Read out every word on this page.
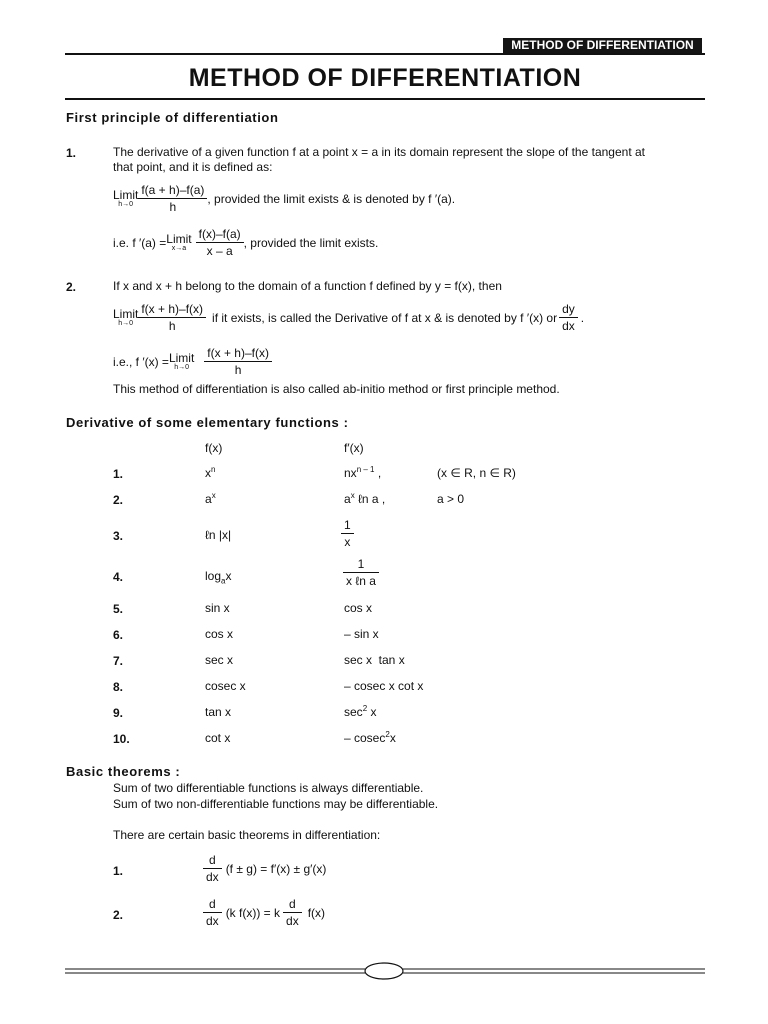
METHOD OF DIFFERENTIATION
METHOD OF DIFFERENTIATION
First principle of differentiation
1.	The derivative of a given function f at a point x = a in its domain represent the slope of the tangent at
that point, and it is defined as:
Limit
$h\to 0 \frac{f(a + h)-f(a)}{h}$ , provided the limit exists & is denoted by f ′(a).
i.e. f ′(a) = Limit
$x\to a \frac{f(x)-f(a)}{x - a}$ , provided the limit exists.
2.	If x and x + h belong to the domain of a function f defined by y = f(x), then
Limit
$h\to 0 \frac{f(x + h)-f(x)}{h}$ if it exists, is called the Derivative of f at x & is denoted by f ′(x) or $\frac{dy}{dx}$ .
i.e., f ′(x) = Limit
h→0	$\frac{f(x + h)-f(x)}{h}$
This method of differentiation is also called ab-initio method or first principle method.
Derivative of some elementary functions :
f(x)	f′(x)
1.	$x^n$	$nx^{n - 1}$ ,	(x ∈ R, n ∈ R)
2.	$a^x$	$a^x$ ℓn a ,	a > 0
3.	ℓn |x|	$\frac{1}{x}$
4.	$\log_ax$	$\frac{1}{\text{x ℓn a}}$
5.	sin x	cos x
6.	cos x	– sin x
7.	sec x	sec x  tan x
8.	cosec x	– cosec x cot x
9.	tan x	$\sec^2 x$
10.	cot x	– cosec$^2$x
Basic theorems :
Sum of two differentiable functions is always differentiable.
Sum of two non-differentiable functions may be differentiable.
There are certain basic theorems in differentiation:
1.	$\frac{d}{dx} (f \pm g) = f'(x) \pm g'(x)$
2.	$\frac{d}{dx} (k$ f(x)) = k $\frac{d}{dx} f(x)$
